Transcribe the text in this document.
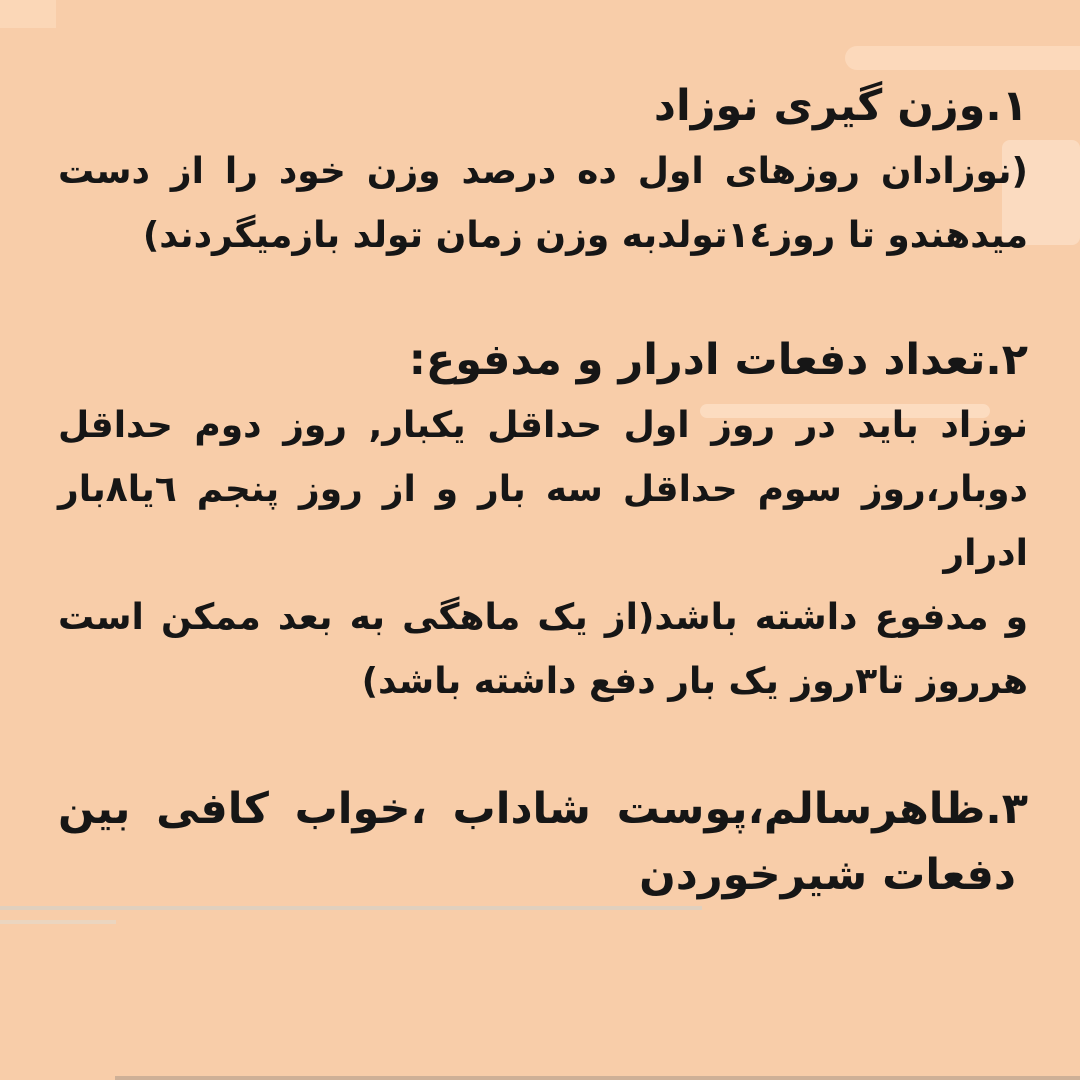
۱.وزن گیری نوزاد
(نوزادان روزهای اول ده درصد وزن خود را از دست
میدهندو تا روز۱٤تولدبه وزن زمان تولد بازمیگردند)
۲.تعداد دفعات ادرار و مدفوع:
نوزاد باید در روز اول حداقل یکبار, روز دوم حداقل
دوبار،روز سوم حداقل سه بار و از روز پنجم ٦یا٨بار ادرار
و مدفوع داشته باشد(از یک ماهگی به بعد ممکن است
هرروز تا۳روز یک بار دفع داشته باشد)
۳.ظاهرسالم،پوست شاداب ،خواب کافی بین
دفعات شیرخوردن
